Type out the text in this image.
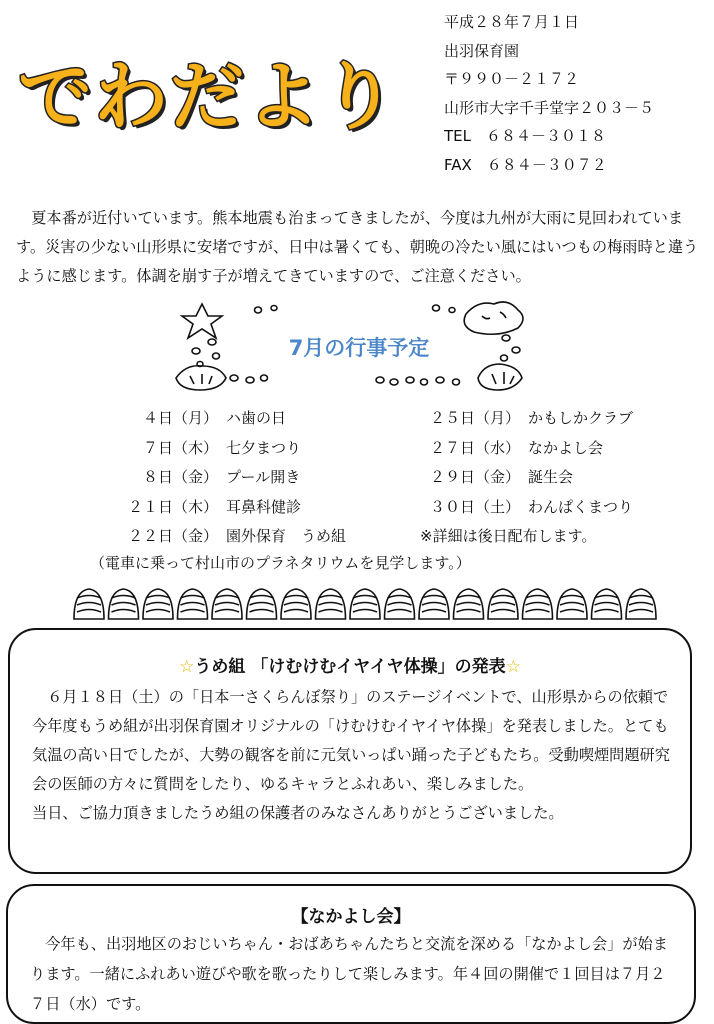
でわだより
平成２８年７月１日
出羽保育園
〒９９０－２１７２
山形市大字千手堂字２０３－５
TEL　６８４－３０１８
FAX　６８４－３０７２
夏本番が近付いています。熊本地震も治まってきましたが、今度は九州が大雨に見回われています。災害の少ない山形県に安堵ですが、日中は暑くても、朝晩の冷たい風にはいつもの梅雨時と違うように感じます。体調を崩す子が増えてきていますので、ご注意ください。
7月の行事予定
４日（月） ハ歯の日
７日（木） 七夕まつり
８日（金） プール開き
２１日（木） 耳鼻科健診
２２日（金） 園外保育　うめ組
２５日（月） かもしかクラブ
２７日（水） なかよし会
２９日（金） 誕生会
３０日（土） わんぱくまつり
※詳細は後日配布します。
（電車に乗って村山市のプラネタリウムを見学します。）
☆うめ組 「けむけむイヤイヤ体操」の発表☆

６月１８日（土）の「日本一さくらんぼ祭り」のステージイベントで、山形県からの依頼で今年度もうめ組が出羽保育園オリジナルの「けむけむイヤイヤ体操」を発表しました。とても気温の高い日でしたが、大勢の観客を前に元気いっぱい踊った子どもたち。受動喫煙問題研究会の医師の方々に質問をしたり、ゆるキャラとふれあい、楽しみました。

当日、ご協力頂きましたうめ組の保護者のみなさんありがとうございました。

【なかよし会】

今年も、出羽地区のおじいちゃん・おばあちゃんたちと交流を深める「なかよし会」が始まります。一緒にふれあい遊びや歌を歌ったりして楽しみます。年４回の開催で１回目は７月２７日（水）です。
